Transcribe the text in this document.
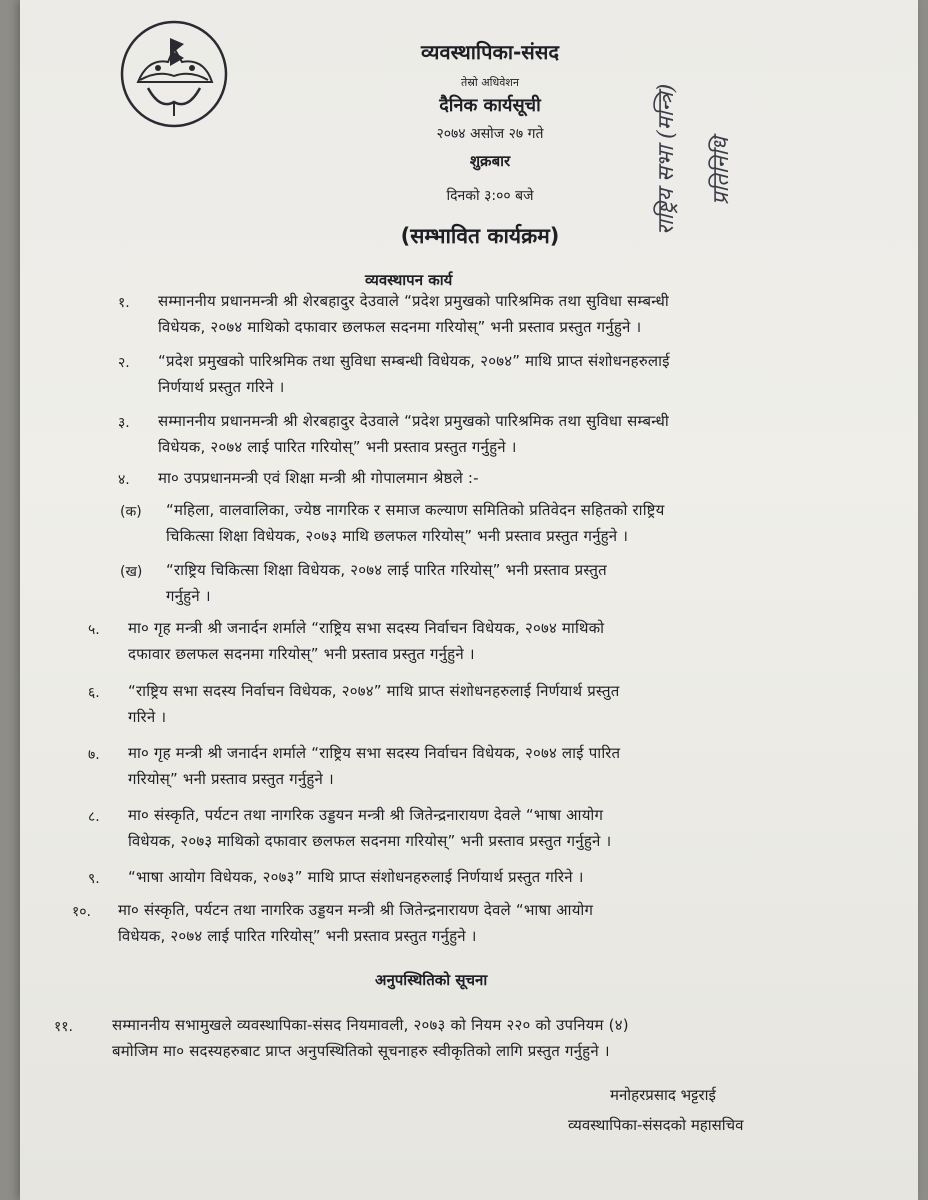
व्यवस्थापिका-संसद
तेस्रो अधिवेशन
दैनिक कार्यसूची
२०७४ असोज २७ गते
शुक्रबार
दिनको ३:०० बजे
(सम्भावित कार्यक्रम)
राष्ट्रिय सभा (मन्त्रि) प्रतिनिधि
व्यवस्थापन कार्य
१. सम्माननीय प्रधानमन्त्री श्री शेरबहादुर देउवाले “प्रदेश प्रमुखको पारिश्रमिक तथा सुविधा सम्बन्धी
विधेयक, २०७४ माथिको दफावार छलफल सदनमा गरियोस्” भनी प्रस्ताव प्रस्तुत गर्नुहुने ।
२. “प्रदेश प्रमुखको पारिश्रमिक तथा सुविधा सम्बन्धी विधेयक, २०७४” माथि प्राप्त संशोधनहरुलाई
निर्णयार्थ प्रस्तुत गरिने ।
३. सम्माननीय प्रधानमन्त्री श्री शेरबहादुर देउवाले “प्रदेश प्रमुखको पारिश्रमिक तथा सुविधा सम्बन्धी
विधेयक, २०७४ लाई पारित गरियोस्” भनी प्रस्ताव प्रस्तुत गर्नुहुने ।
४. मा० उपप्रधानमन्त्री एवं शिक्षा मन्त्री श्री गोपालमान श्रेष्ठले :-
(क) “महिला, वालवालिका, ज्येष्ठ नागरिक र समाज कल्याण समितिको प्रतिवेदन सहितको राष्ट्रिय
चिकित्सा शिक्षा विधेयक, २०७३ माथि छलफल गरियोस्” भनी प्रस्ताव प्रस्तुत गर्नुहुने ।
(ख) “राष्ट्रिय चिकित्सा शिक्षा विधेयक, २०७४ लाई पारित गरियोस्” भनी प्रस्ताव प्रस्तुत
गर्नुहुने ।
५. मा० गृह मन्त्री श्री जनार्दन शर्माले “राष्ट्रिय सभा सदस्य निर्वाचन विधेयक, २०७४ माथिको
दफावार छलफल सदनमा गरियोस्” भनी प्रस्ताव प्रस्तुत गर्नुहुने ।
६. “राष्ट्रिय सभा सदस्य निर्वाचन विधेयक, २०७४” माथि प्राप्त संशोधनहरुलाई निर्णयार्थ प्रस्तुत
गरिने ।
७. मा० गृह मन्त्री श्री जनार्दन शर्माले “राष्ट्रिय सभा सदस्य निर्वाचन विधेयक, २०७४ लाई पारित
गरियोस्” भनी प्रस्ताव प्रस्तुत गर्नुहुने ।
८. मा० संस्कृति, पर्यटन तथा नागरिक उड्डयन मन्त्री श्री जितेन्द्रनारायण देवले “भाषा आयोग
विधेयक, २०७३ माथिको दफावार छलफल सदनमा गरियोस्” भनी प्रस्ताव प्रस्तुत गर्नुहुने ।
९. “भाषा आयोग विधेयक, २०७३” माथि प्राप्त संशोधनहरुलाई निर्णयार्थ प्रस्तुत गरिने ।
१०. मा० संस्कृति, पर्यटन तथा नागरिक उड्डयन मन्त्री श्री जितेन्द्रनारायण देवले “भाषा आयोग
विधेयक, २०७४ लाई पारित गरियोस्” भनी प्रस्ताव प्रस्तुत गर्नुहुने ।
अनुपस्थितिको सूचना
११.	सम्माननीय सभामुखले व्यवस्थापिका-संसद नियमावली, २०७३ को नियम २२० को उपनियम (४)
बमोजिम मा० सदस्यहरुबाट प्राप्त अनुपस्थितिको सूचनाहरु स्वीकृतिको लागि प्रस्तुत गर्नुहुने ।
मनोहरप्रसाद भट्टराई
व्यवस्थापिका-संसदको महासचिव
